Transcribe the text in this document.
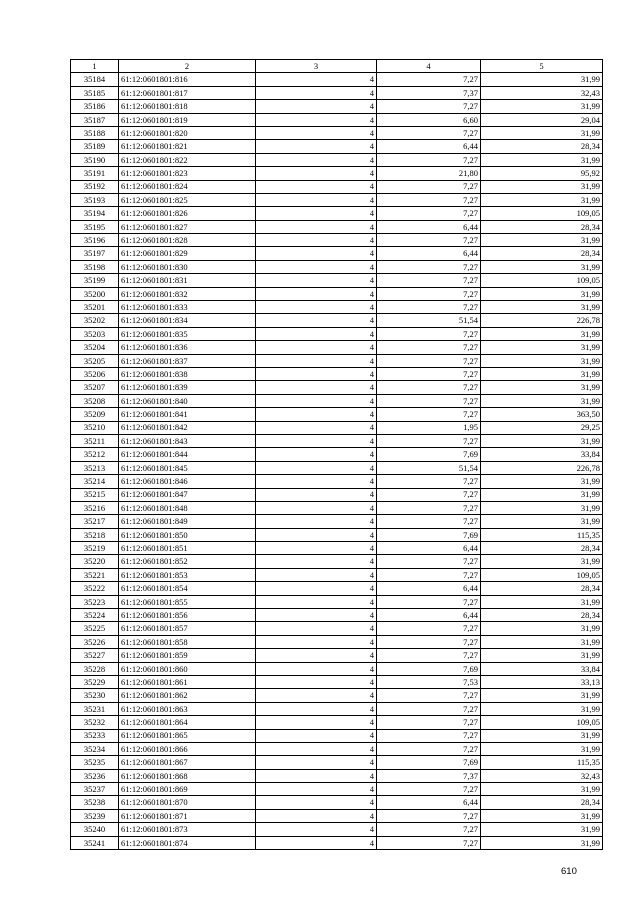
1	2	3	4	5
35184	61:12:0601801:816	4	7,27	31,99
35185	61:12:0601801:817	4	7,37	32,43
35186	61:12:0601801:818	4	7,27	31,99
35187	61:12:0601801:819	4	6,60	29,04
35188	61:12:0601801:820	4	7,27	31,99
35189	61:12:0601801:821	4	6,44	28,34
35190	61:12:0601801:822	4	7,27	31,99
35191	61:12:0601801:823	4	21,80	95,92
35192	61:12:0601801:824	4	7,27	31,99
35193	61:12:0601801:825	4	7,27	31,99
35194	61:12:0601801:826	4	7,27	109,05
35195	61:12:0601801:827	4	6,44	28,34
35196	61:12:0601801:828	4	7,27	31,99
35197	61:12:0601801:829	4	6,44	28,34
35198	61:12:0601801:830	4	7,27	31,99
35199	61:12:0601801:831	4	7,27	109,05
35200	61:12:0601801:832	4	7,27	31,99
35201	61:12:0601801:833	4	7,27	31,99
35202	61:12:0601801:834	4	51,54	226,78
35203	61:12:0601801:835	4	7,27	31,99
35204	61:12:0601801:836	4	7,27	31,99
35205	61:12:0601801:837	4	7,27	31,99
35206	61:12:0601801:838	4	7,27	31,99
35207	61:12:0601801:839	4	7,27	31,99
35208	61:12:0601801:840	4	7,27	31,99
35209	61:12:0601801:841	4	7,27	363,50
35210	61:12:0601801:842	4	1,95	29,25
35211	61:12:0601801:843	4	7,27	31,99
35212	61:12:0601801:844	4	7,69	33,84
35213	61:12:0601801:845	4	51,54	226,78
35214	61:12:0601801:846	4	7,27	31,99
35215	61:12:0601801:847	4	7,27	31,99
35216	61:12:0601801:848	4	7,27	31,99
35217	61:12:0601801:849	4	7,27	31,99
35218	61:12:0601801:850	4	7,69	115,35
35219	61:12:0601801:851	4	6,44	28,34
35220	61:12:0601801:852	4	7,27	31,99
35221	61:12:0601801:853	4	7,27	109,05
35222	61:12:0601801:854	4	6,44	28,34
35223	61:12:0601801:855	4	7,27	31,99
35224	61:12:0601801:856	4	6,44	28,34
35225	61:12:0601801:857	4	7,27	31,99
35226	61:12:0601801:858	4	7,27	31,99
35227	61:12:0601801:859	4	7,27	31,99
35228	61:12:0601801:860	4	7,69	33,84
35229	61:12:0601801:861	4	7,53	33,13
35230	61:12:0601801:862	4	7,27	31,99
35231	61:12:0601801:863	4	7,27	31,99
35232	61:12:0601801:864	4	7,27	109,05
35233	61:12:0601801:865	4	7,27	31,99
35234	61:12:0601801:866	4	7,27	31,99
35235	61:12:0601801:867	4	7,69	115,35
35236	61:12:0601801:868	4	7,37	32,43
35237	61:12:0601801:869	4	7,27	31,99
35238	61:12:0601801:870	4	6,44	28,34
35239	61:12:0601801:871	4	7,27	31,99
35240	61:12:0601801:873	4	7,27	31,99
35241	61:12:0601801:874	4	7,27	31,99
610
